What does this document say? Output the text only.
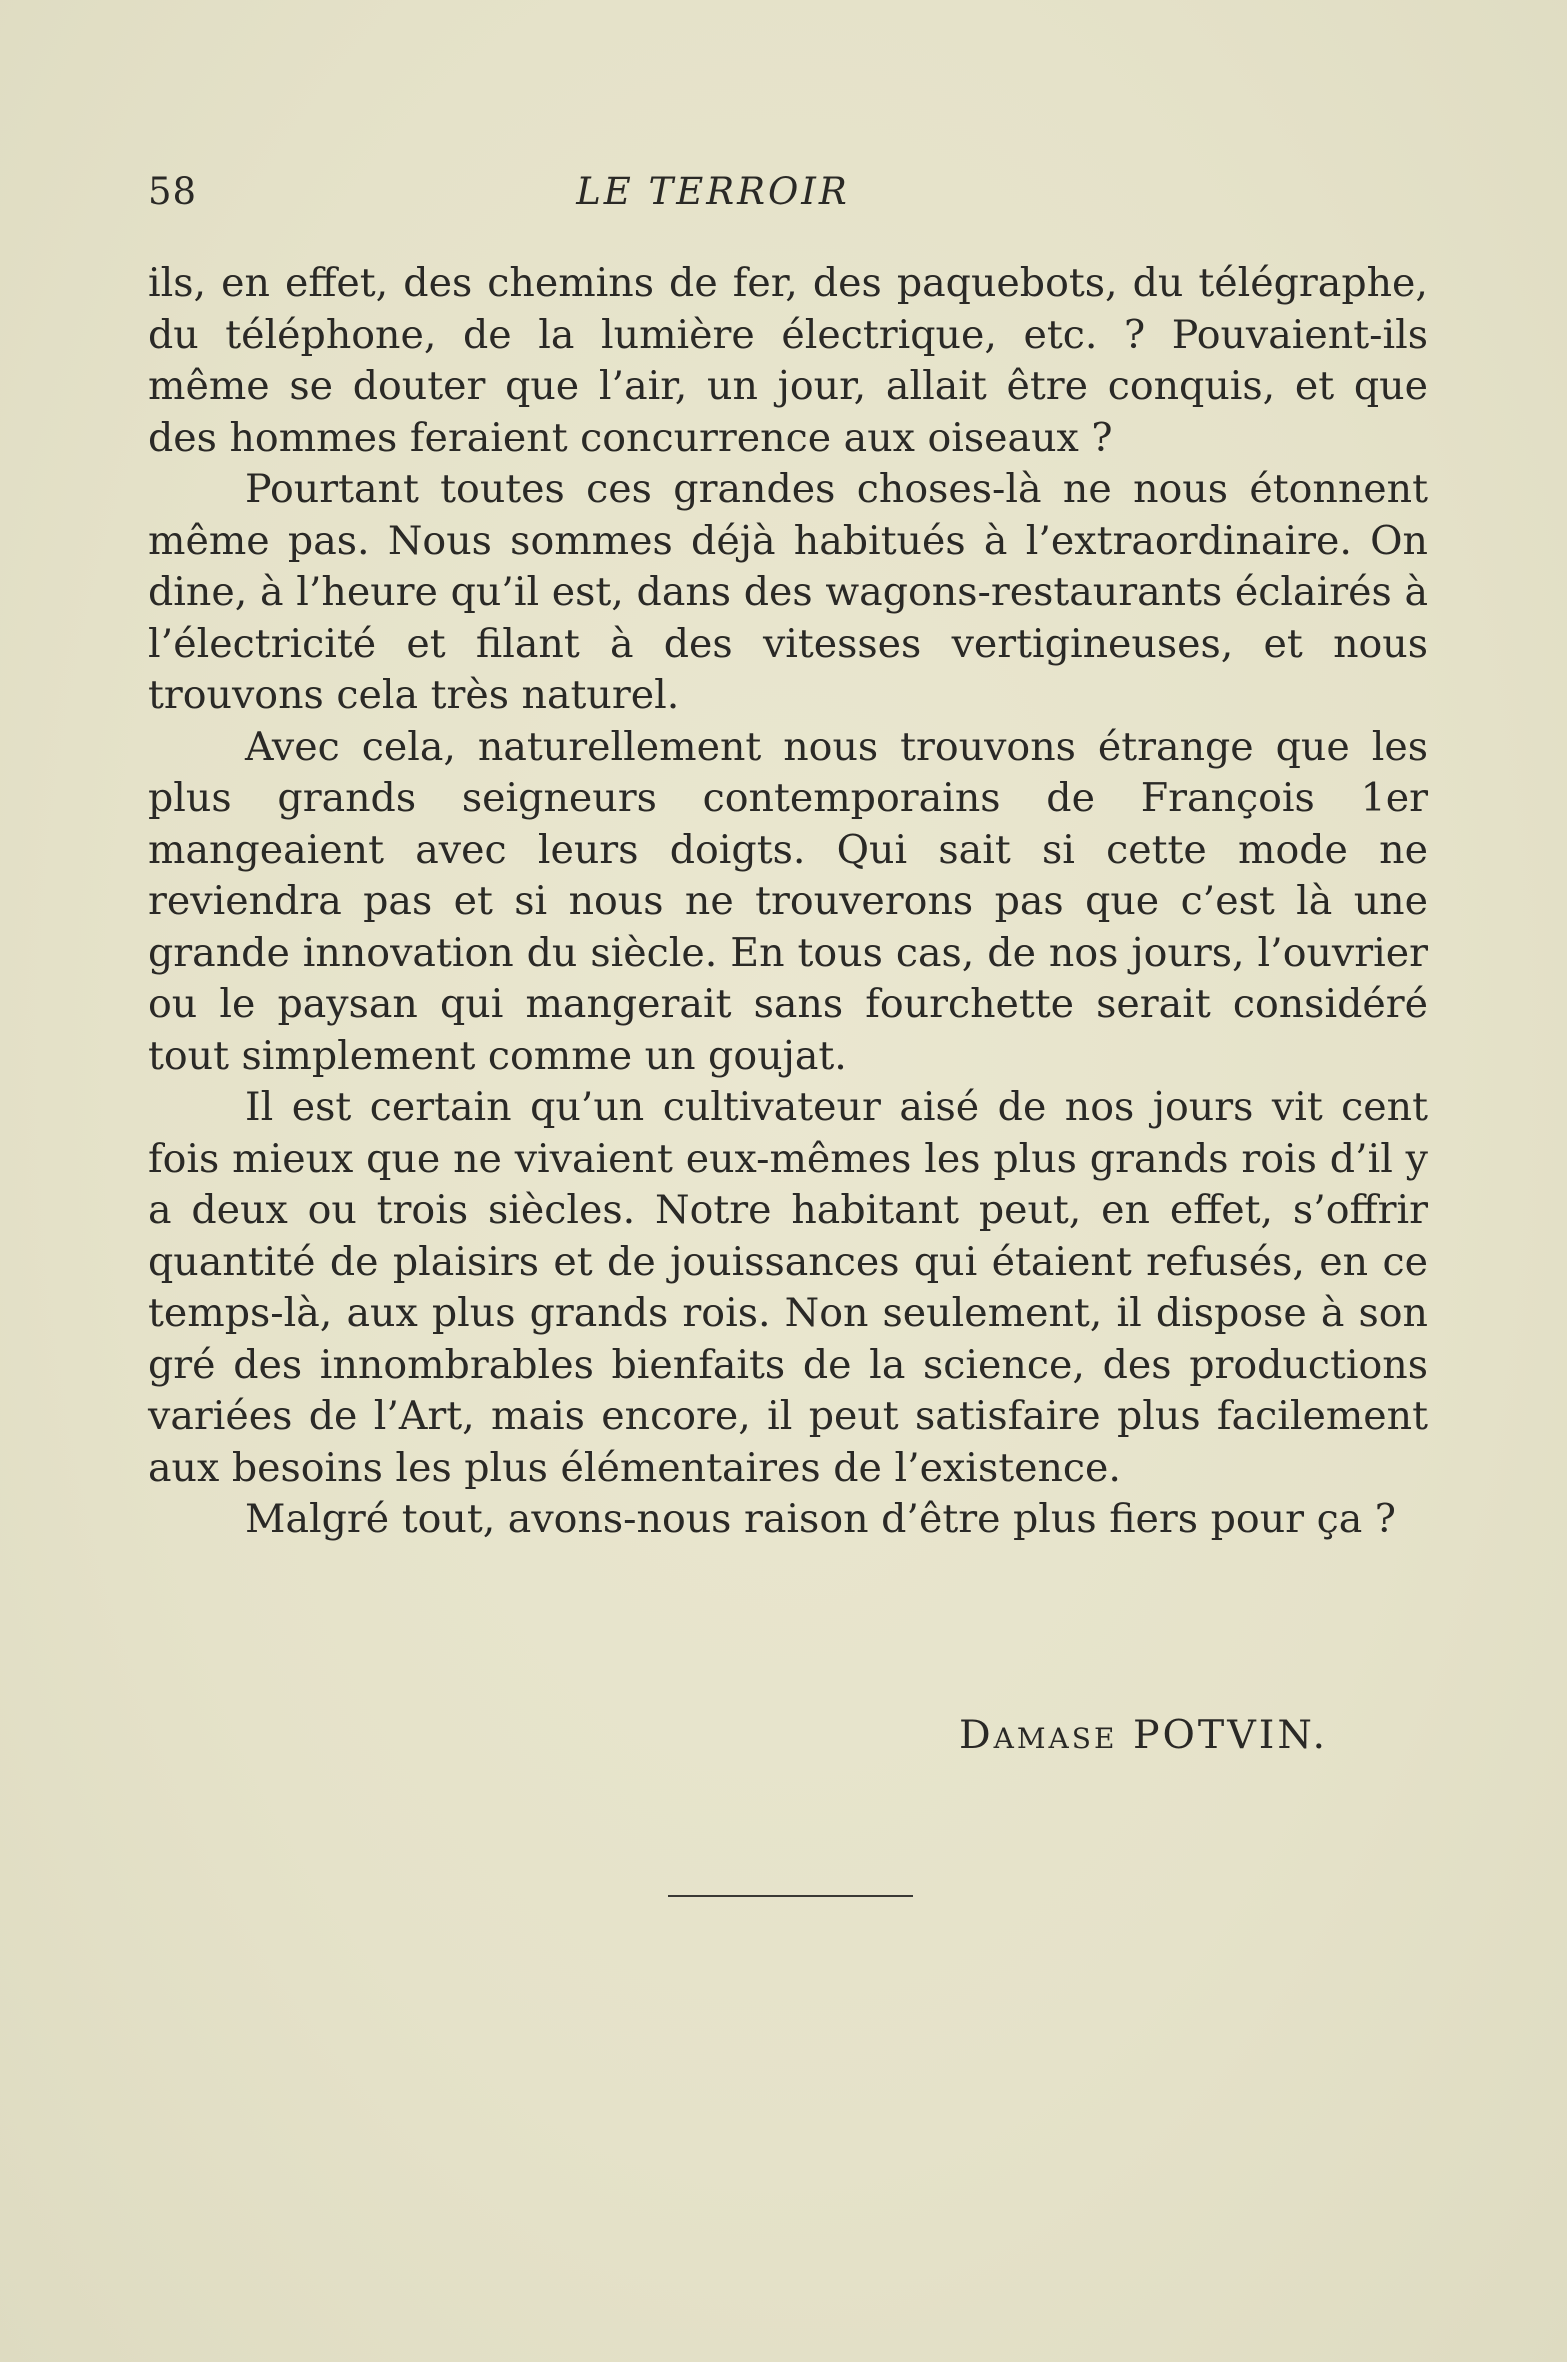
58	LE TERROIR

ils, en effet, des chemins de fer, des paquebots, du télégraphe, du téléphone, de la lumière électrique, etc. ? Pouvaient-ils même se douter que l’air, un jour, allait être conquis, et que des hommes feraient concurrence aux oiseaux ?

Pourtant toutes ces grandes choses-là ne nous étonnent même pas. Nous sommes déjà habitués à l’extraordinaire. On dine, à l’heure qu’il est, dans des wagons-restaurants éclairés à l’électricité et filant à des vitesses vertigineuses, et nous trouvons cela très naturel.

Avec cela, naturellement nous trouvons étrange que les plus grands seigneurs contemporains de François 1er mangeaient avec leurs doigts. Qui sait si cette mode ne reviendra pas et si nous ne trouverons pas que c’est là une grande innovation du siècle. En tous cas, de nos jours, l’ouvrier ou le paysan qui mangerait sans fourchette serait considéré tout simplement comme un goujat.

Il est certain qu’un cultivateur aisé de nos jours vit cent fois mieux que ne vivaient eux-mêmes les plus grands rois d’il y a deux ou trois siècles. Notre habitant peut, en effet, s’offrir quantité de plaisirs et de jouissances qui étaient refusés, en ce temps-là, aux plus grands rois. Non seulement, il dispose à son gré des innombrables bienfaits de la science, des productions variées de l’Art, mais encore, il peut satisfaire plus facilement aux besoins les plus élémentaires de l’existence.

Malgré tout, avons-nous raison d’être plus fiers pour ça ?

Damase POTVIN.
